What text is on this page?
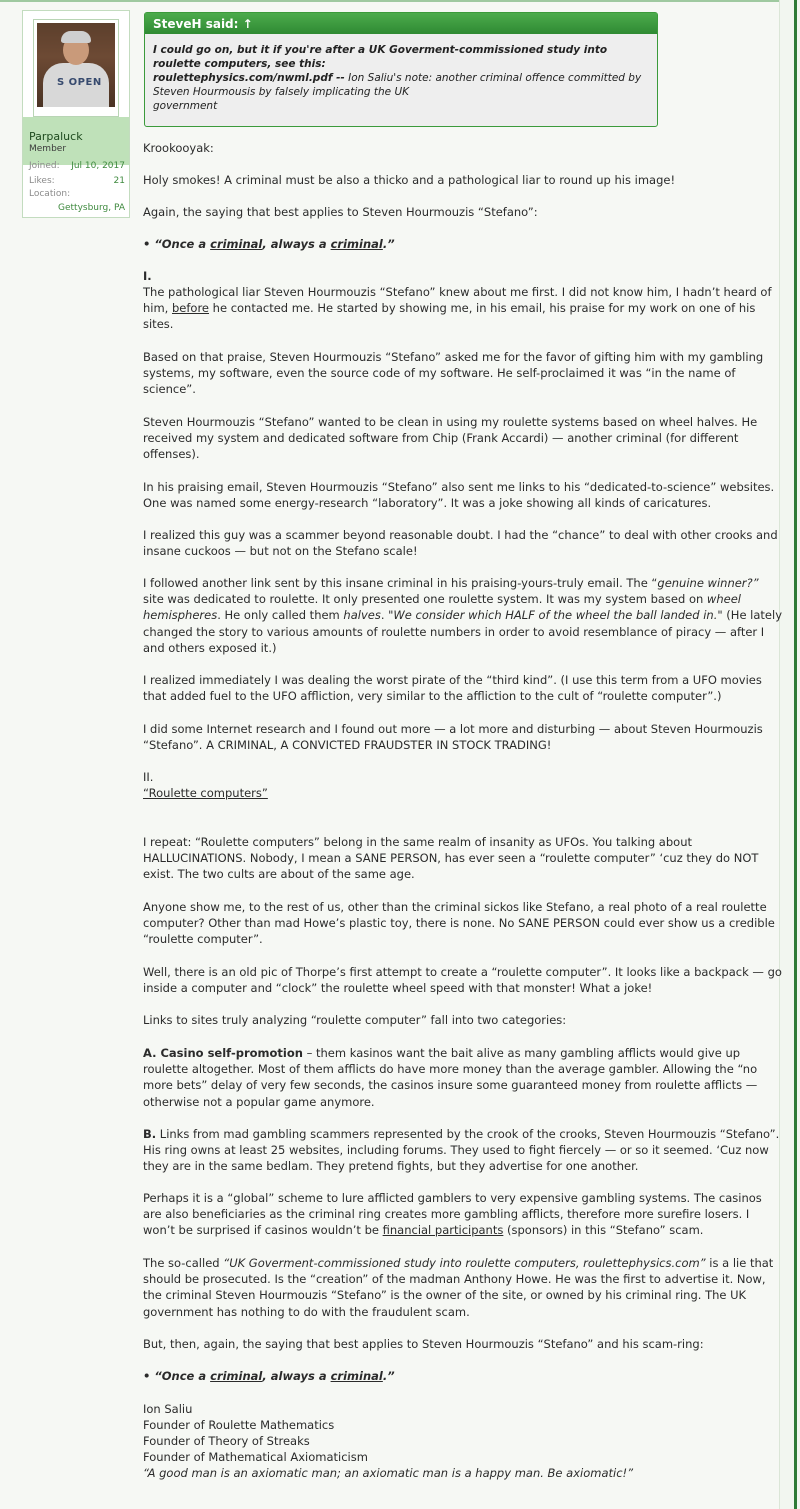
S OPEN
Parpaluck
Member
Joined: Jul 10, 2017
Likes:	21
Location:
Gettysburg, PA
SteveH said: ↑
I could go on, but it if you're after a UK Goverment-commissioned study into
roulette computers, see this:
roulettephysics.com/nwml.pdf -- Ion Saliu's note: another criminal offence committed by
Steven Hourmousis by falsely implicating the UK
government

Krookooyak:

Holy smokes! A criminal must be also a thicko and a pathological liar to round up his image!

Again, the saying that best applies to Steven Hourmouzis “Stefano”:

• “Once a criminal, always a criminal.”

I.

The pathological liar Steven Hourmouzis “Stefano” knew about me first. I did not know him, I hadn’t heard of him, before he contacted me. He started by showing me, in his email, his praise for my work on one of his sites.

Based on that praise, Steven Hourmouzis “Stefano” asked me for the favor of gifting him with my gambling systems, my software, even the source code of my software. He self-proclaimed it was “in the name of science”.

Steven Hourmouzis “Stefano” wanted to be clean in using my roulette systems based on wheel halves. He received my system and dedicated software from Chip (Frank Accardi) — another criminal (for different offenses).

In his praising email, Steven Hourmouzis “Stefano” also sent me links to his “dedicated-to-science” websites. One was named some energy-research “laboratory”. It was a joke showing all kinds of caricatures.

I realized this guy was a scammer beyond reasonable doubt. I had the “chance” to deal with other crooks and insane cuckoos — but not on the Stefano scale!

I followed another link sent by this insane criminal in his praising-yours-truly email. The “genuine winner?” site was dedicated to roulette. It only presented one roulette system. It was my system based on wheel hemispheres. He only called them halves. "We consider which HALF of the wheel the ball landed in." (He lately changed the story to various amounts of roulette numbers in order to avoid resemblance of piracy — after I and others exposed it.)

I realized immediately I was dealing the worst pirate of the “third kind”. (I use this term from a UFO movies that added fuel to the UFO affliction, very similar to the affliction to the cult of “roulette computer”.)

I did some Internet research and I found out more — a lot more and disturbing — about Steven Hourmouzis “Stefano”. A CRIMINAL, A CONVICTED FRAUDSTER IN STOCK TRADING!

II.

“Roulette computers”

I repeat: “Roulette computers” belong in the same realm of insanity as UFOs. You talking about HALLUCINATIONS. Nobody, I mean a SANE PERSON, has ever seen a “roulette computer” ‘cuz they do NOT exist. The two cults are about of the same age.

Anyone show me, to the rest of us, other than the criminal sickos like Stefano, a real photo of a real roulette computer? Other than mad Howe’s plastic toy, there is none. No SANE PERSON could ever show us a credible “roulette computer”.

Well, there is an old pic of Thorpe’s first attempt to create a “roulette computer”. It looks like a backpack — go inside a computer and “clock” the roulette wheel speed with that monster! What a joke!

Links to sites truly analyzing “roulette computer” fall into two categories:

A. Casino self-promotion – them kasinos want the bait alive as many gambling afflicts would give up roulette altogether. Most of them afflicts do have more money than the average gambler. Allowing the “no more bets” delay of very few seconds, the casinos insure some guaranteed money from roulette afflicts — otherwise not a popular game anymore.

B. Links from mad gambling scammers represented by the crook of the crooks, Steven Hourmouzis “Stefano”. His ring owns at least 25 websites, including forums. They used to fight fiercely — or so it seemed. ‘Cuz now they are in the same bedlam. They pretend fights, but they advertise for one another.

Perhaps it is a “global” scheme to lure afflicted gamblers to very expensive gambling systems. The casinos are also beneficiaries as the criminal ring creates more gambling afflicts, therefore more surefire losers. I won’t be surprised if casinos wouldn’t be financial participants (sponsors) in this “Stefano” scam.

The so-called “UK Goverment-commissioned study into roulette computers, roulettephysics.com” is a lie that should be prosecuted. Is the “creation” of the madman Anthony Howe. He was the first to advertise it. Now, the criminal Steven Hourmouzis “Stefano” is the owner of the site, or owned by his criminal ring. The UK government has nothing to do with the fraudulent scam.

But, then, again, the saying that best applies to Steven Hourmouzis “Stefano” and his scam-ring:

• “Once a criminal, always a criminal.”

Ion Saliu

Founder of Roulette Mathematics

Founder of Theory of Streaks

Founder of Mathematical Axiomaticism

“A good man is an axiomatic man; an axiomatic man is a happy man. Be axiomatic!”
